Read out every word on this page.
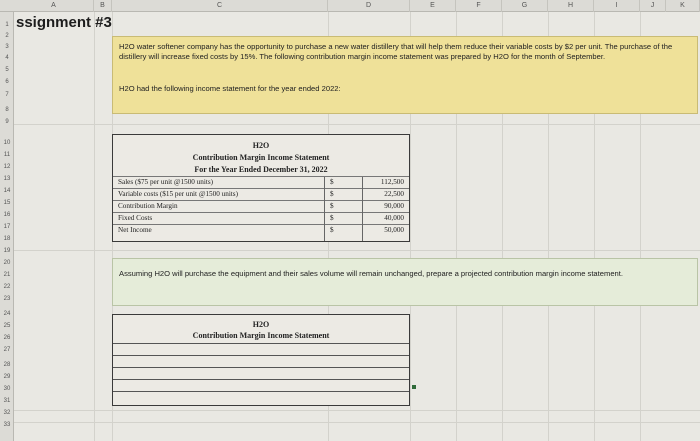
A	B	C	D	E	F	G	H	I	J	K
1
2
3
4
5
6
7
8
9
10
11
12
13
14
15
16
17
18
19
20
21
22
23
24
25
26
27
28
29
30
31
32
33
ssignment #3

H2O water softener company has the opportunity to purchase a new water distillery that will help them reduce their variable costs by $2 per unit. The purchase of the distillery will increase fixed costs by 15%. The following contribution margin income statement was prepared by H2O for the month of September.

H2O had the following income statement for the year ended 2022:

H2O
Contribution Margin Income Statement
For the Year Ended December 31, 2022
Sales ($75 per unit @1500 units)	$	112,500
Variable costs ($15 per unit @1500 units)	$	22,500
Contribution Margin	$	90,000
Fixed Costs	$	40,000
Net Income	$	50,000

Assuming H2O will purchase the equipment and their sales volume will remain unchanged, prepare a projected contribution margin income statement.

H2O
Contribution Margin Income Statement
